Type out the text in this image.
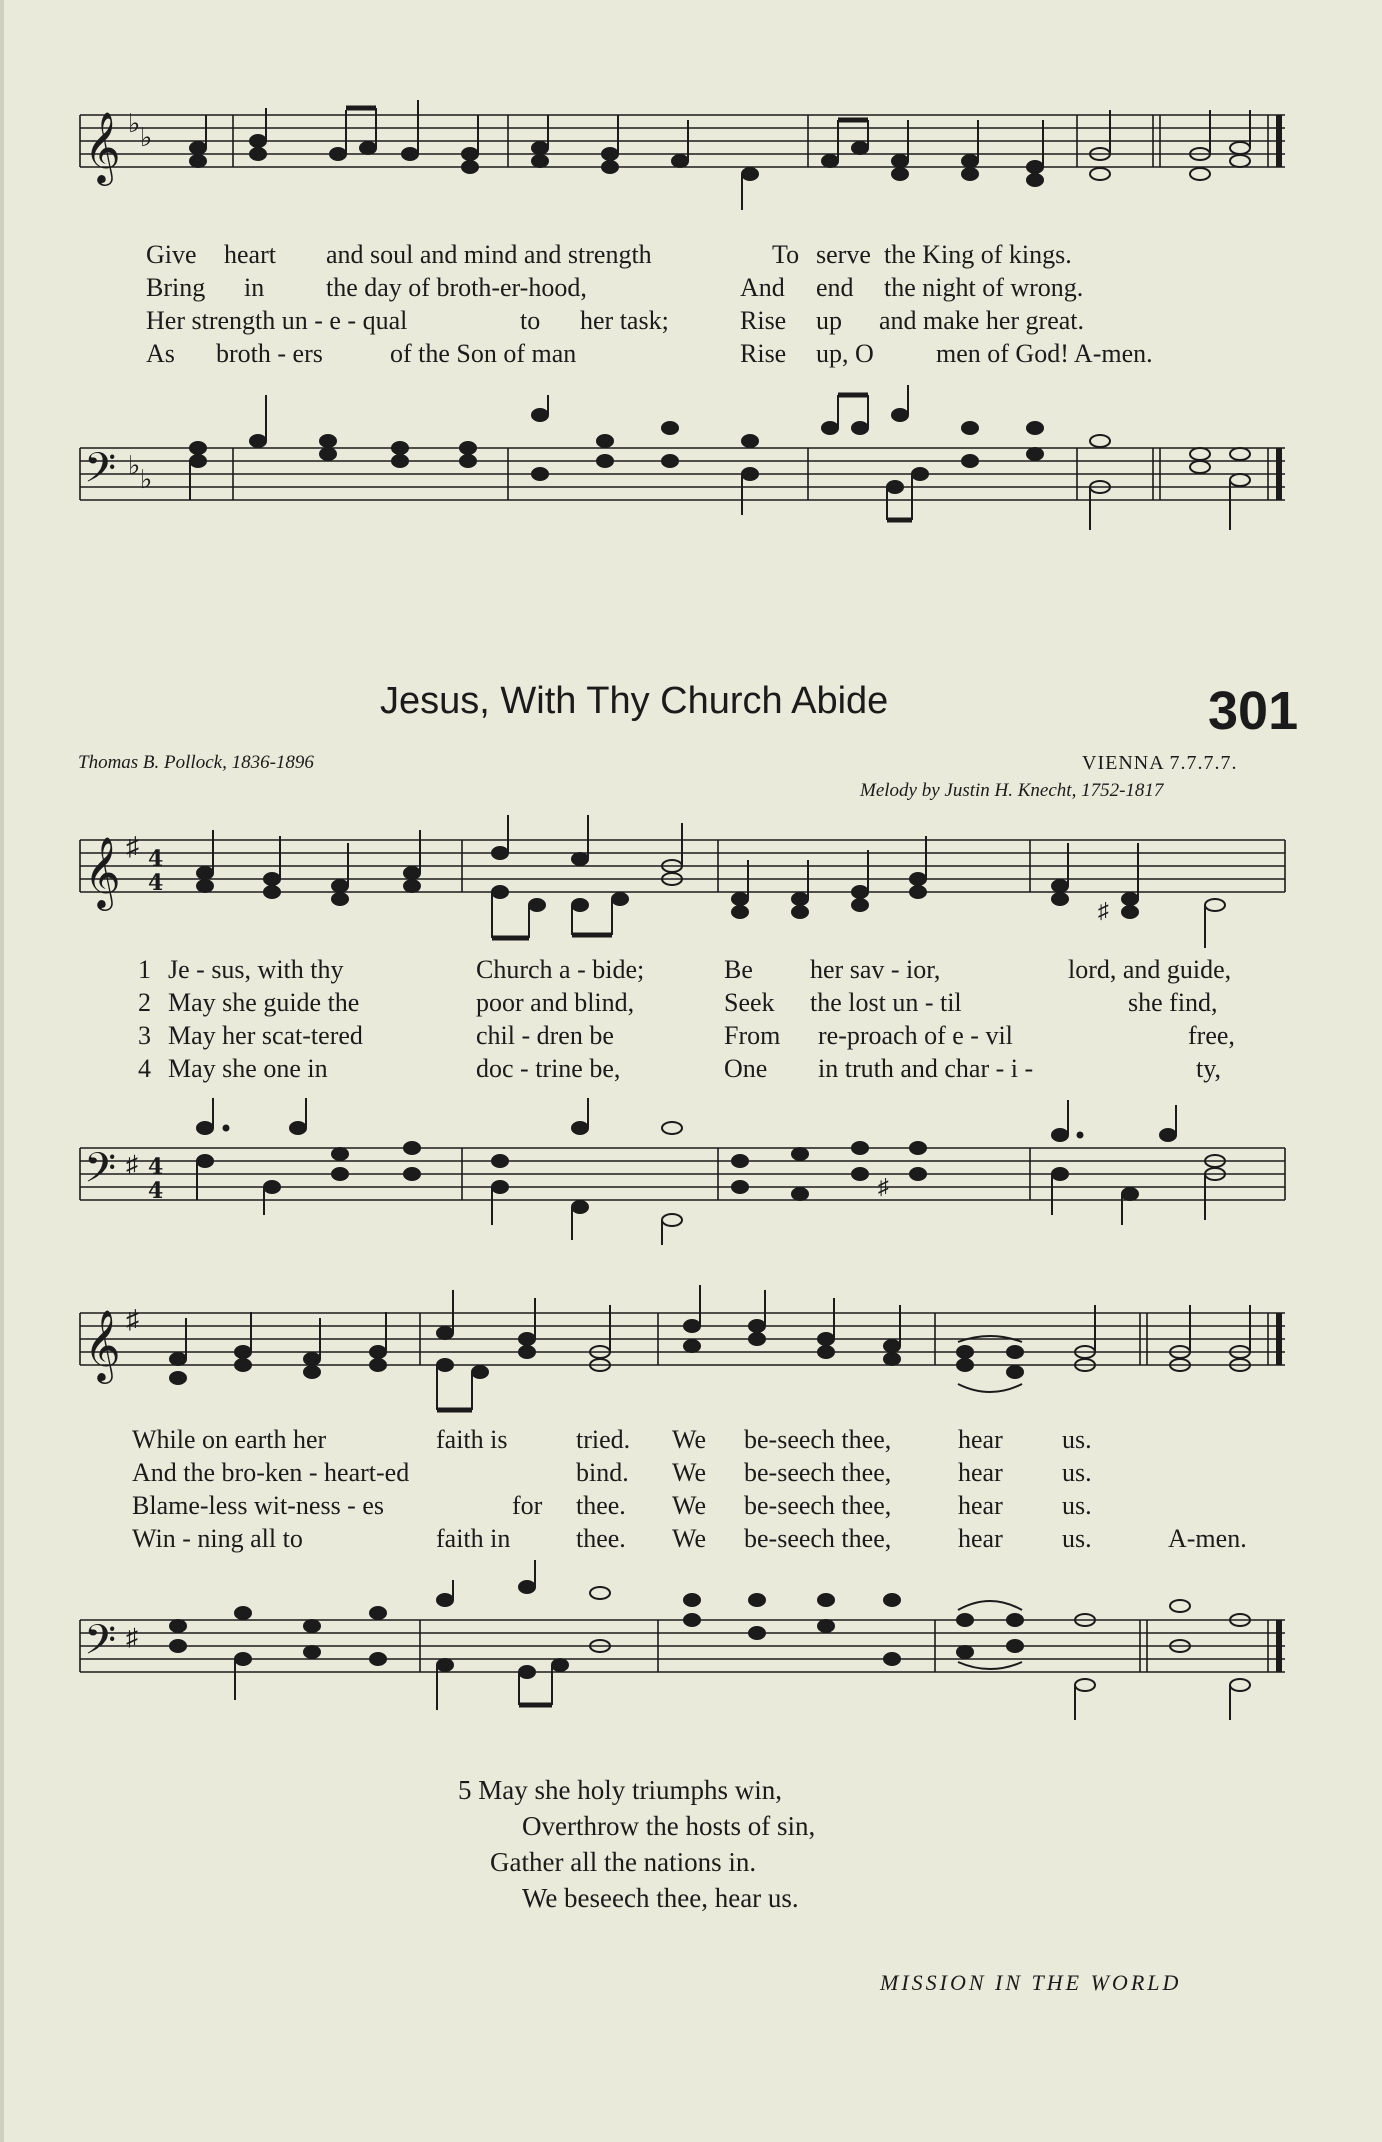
𝄞 ♭ ♭
Give heart and soul and mind and strength	To serve the King of kings.
Bring in the day of broth-er-hood,	And end the night of wrong.
Her strength un - e - qual	to her task;	Rise up and make her great.
As broth - ers	of the Son of man	Rise up, O men of God! A-men.
𝄢 ♭ ♭
Jesus, With Thy Church Abide	301
Thomas B. Pollock, 1836-1896	VIENNA 7.7.7.7.
Melody by Justin H. Knecht, 1752-1817
𝄞 ♯ 4
4
♯
1 Je - sus, with thy	Church a - bide;	Be her sav - ior,	lord, and guide,
2 May she guide the	poor and blind,	Seek the lost un - til	she find,
3 May her scat-tered	chil - dren be	From re-proach of e - vil	free,
4 May she one in	doc - trine be,	One in truth and char - i -	ty,
𝄢 ♯ 4
4	♯
𝄞 ♯
While on earth her	faith is	tried. We be-seech thee,	hear us.
And the bro-ken - heart-ed	bind. We be-seech thee,	hear us.
Blame-less wit-ness - es	for thee. We be-seech thee,	hear us.
Win - ning all to	faith in	thee. We be-seech thee,	hear us.	A-men.
𝄢 ♯
5 May she holy triumphs win,
Overthrow the hosts of sin,
Gather all the nations in.
We beseech thee, hear us.
MISSION IN THE WORLD
